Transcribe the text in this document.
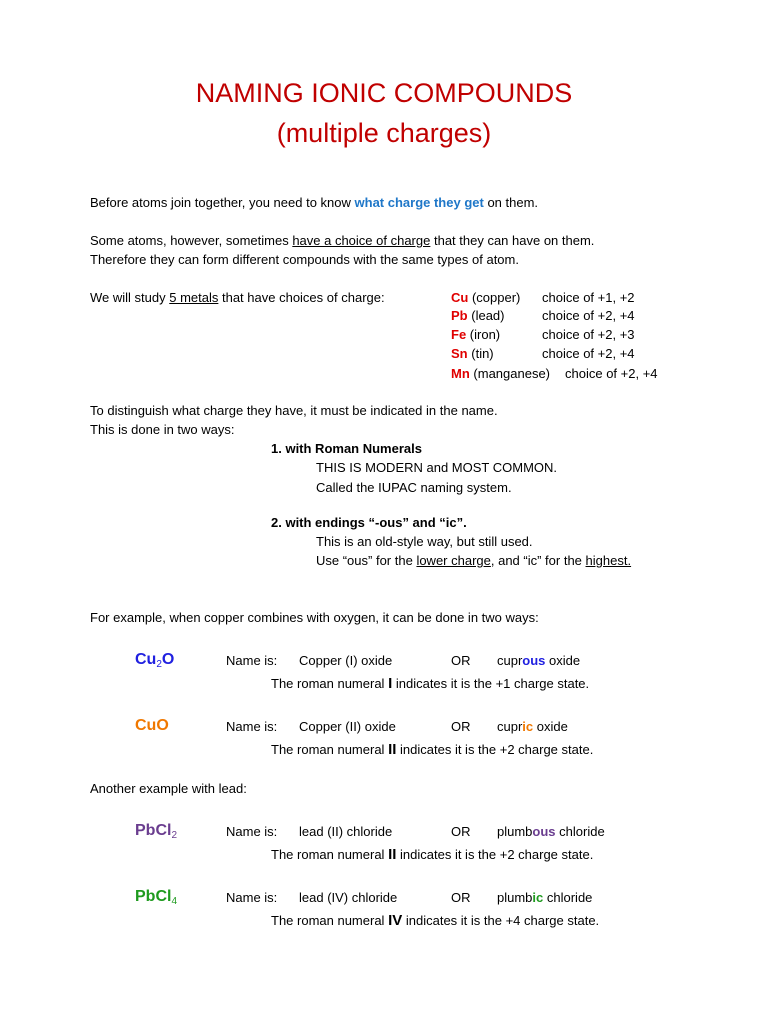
NAMING IONIC COMPOUNDS
(multiple charges)
Before atoms join together, you need to know what charge they get on them.
Some atoms, however, sometimes have a choice of charge that they can have on them.
Therefore they can form different compounds with the same types of atom.
We will study 5 metals that have choices of charge:	Cu (copper) choice of +1, +2
Pb (lead)	choice of +2, +4
Fe (iron)	choice of +2, +3
Sn (tin)	choice of +2, +4
Mn (manganese) choice of +2, +4
To distinguish what charge they have, it must be indicated in the name.
This is done in two ways:
1. with Roman Numerals
THIS IS MODERN and MOST COMMON.
Called the IUPAC naming system.
2. with endings “-ous” and “ic”.
This is an old-style way, but still used.
Use “ous” for the lower charge, and “ic” for the highest.
For example, when copper combines with oxygen, it can be done in two ways:
$Cu_2O$	Name is: Copper (I) oxide	OR cuprous oxide
The roman numeral I indicates it is the +1 charge state.
CuO	Name is: Copper (II) oxide	OR cupric oxide
The roman numeral II indicates it is the +2 charge state.
Another example with lead:
PbCl$_2$	Name is: lead (II) chloride	OR plumbous chloride
The roman numeral II indicates it is the +2 charge state.
PbCl$_4$	Name is: lead (IV) chloride	OR plumbic chloride
The roman numeral IV indicates it is the +4 charge state.
